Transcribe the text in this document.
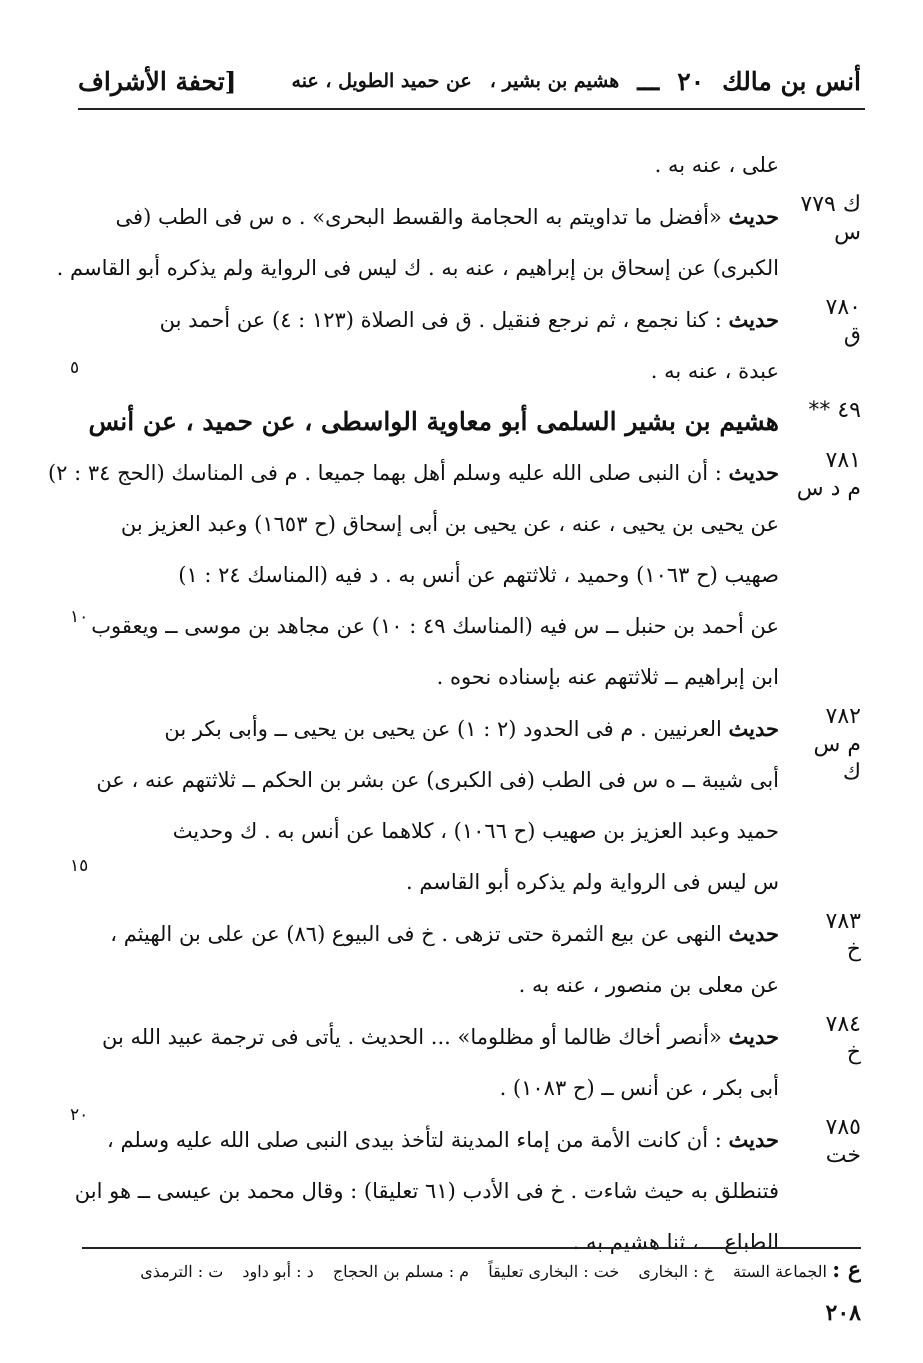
أنس بن مالك
٢٠
ـــ
هشيم بن بشير ،
عن حميد الطويل ، عنه
[تحفة الأشراف
٥
١٠
١٥
٢٠
على ، عنه به .
ك ٧٧٩
س
حديث «أفضل ما تداويتم به الحجامة والقسط البحرى» . ه س فى الطب (فى
الكبرى) عن إسحاق بن إبراهيم ، عنه به . ك ليس فى الرواية ولم يذكره أبو القاسم .
٧٨٠
ق
حديث : كنا نجمع ، ثم نرجع فنقيل . ق فى الصلاة (١٢٣ : ٤) عن أحمد بن
عبدة ، عنه به .
٤٩ **
هشيم بن بشير السلمى أبو معاوية الواسطى ، عن حميد ، عن أنس
٧٨١
م د س
حديث : أن النبى صلى الله عليه وسلم أهل بهما جميعا . م فى المناسك (الحج ٣٤ : ٢)
عن يحيى بن يحيى ، عنه ، عن يحيى بن أبى إسحاق (ح ١٦٥٣) وعبد العزيز بن
صهيب (ح ١٠٦٣) وحميد ، ثلاثتهم عن أنس به . د فيه (المناسك ٢٤ : ١)
عن أحمد بن حنبل ــ س فيه (المناسك ٤٩ : ١٠) عن مجاهد بن موسى ــ ويعقوب
ابن إبراهيم ــ ثلاثتهم عنه بإسناده نحوه .
٧٨٢
م س
ك
حديث العرنيين . م فى الحدود (٢ : ١) عن يحيى بن يحيى ــ وأبى بكر بن
أبى شيبة ــ ه س فى الطب (فى الكبرى) عن بشر بن الحكم ــ ثلاثتهم عنه ، عن
حميد وعبد العزيز بن صهيب (ح ١٠٦٦) ، كلاهما عن أنس به . ك وحديث
س ليس فى الرواية ولم يذكره أبو القاسم .
٧٨٣
خ
حديث النهى عن بيع الثمرة حتى تزهى . خ فى البيوع (٨٦) عن على بن الهيثم ،
عن معلى بن منصور ، عنه به .
٧٨٤
خ
حديث «أنصر أخاك ظالما أو مظلوما» ... الحديث . يأتى فى ترجمة عبيد الله بن
أبى بكر ، عن أنس ــ (ح ١٠٨٣) .
٧٨٥
خت
حديث : أن كانت الأمة من إماء المدينة لتأخذ بيدى النبى صلى الله عليه وسلم ،
فتنطلق به حيث شاءت . خ فى الأدب (٦١ تعليقا) : وقال محمد بن عيسى ــ هو ابن
الطباع ــ ، ثنا هشيم به .
ع : الجماعة الستة خ : البخارى خت : البخارى تعليقاً م : مسلم بن الحجاج د : أبو داود ت : الترمذى
٢٠٨
